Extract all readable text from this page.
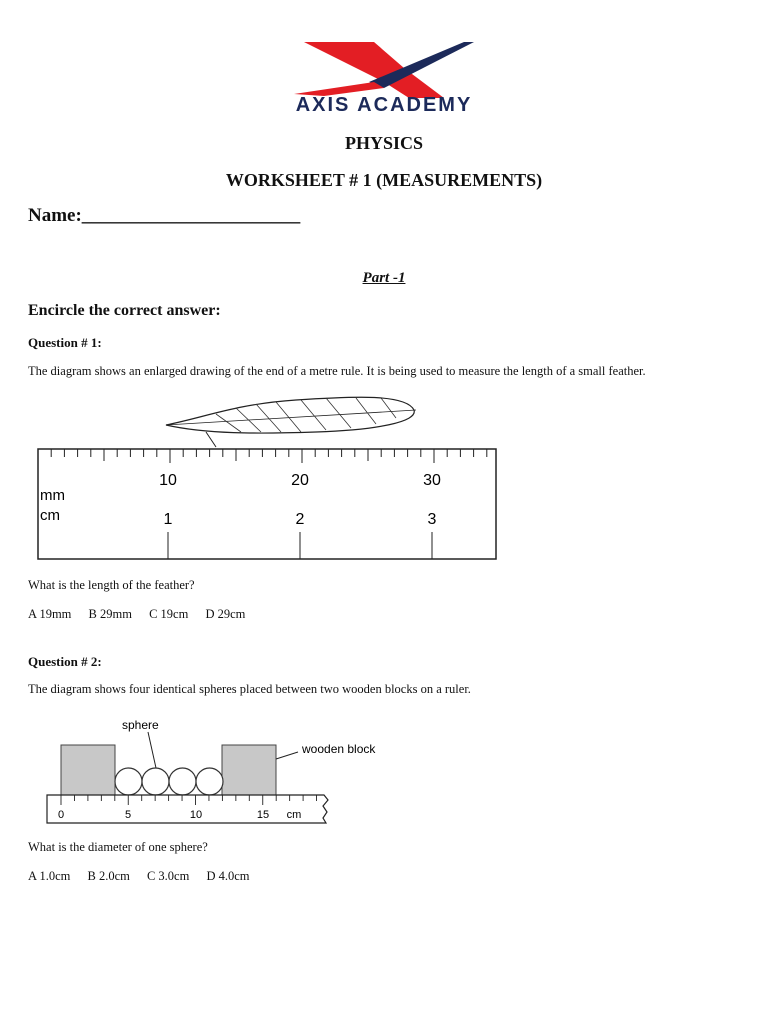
AXIS ACADEMY
PHYSICS
WORKSHEET # 1 (MEASUREMENTS)
Name:_______________________
Part -1
Encircle the correct answer:
Question # 1:
The diagram shows an enlarged drawing of the end of a metre rule. It is being used to measure the length of a small feather.
mm
cm
10	20	30
1	2	3
What is the length of the feather?
A 19mm B 29mm C 19cm D 29cm
Question # 2:
The diagram shows four identical spheres placed between two wooden blocks on a ruler.
sphere
wooden block
0	5	10	15 cm
What is the diameter of one sphere?
A 1.0cm B 2.0cm C 3.0cm D 4.0cm
